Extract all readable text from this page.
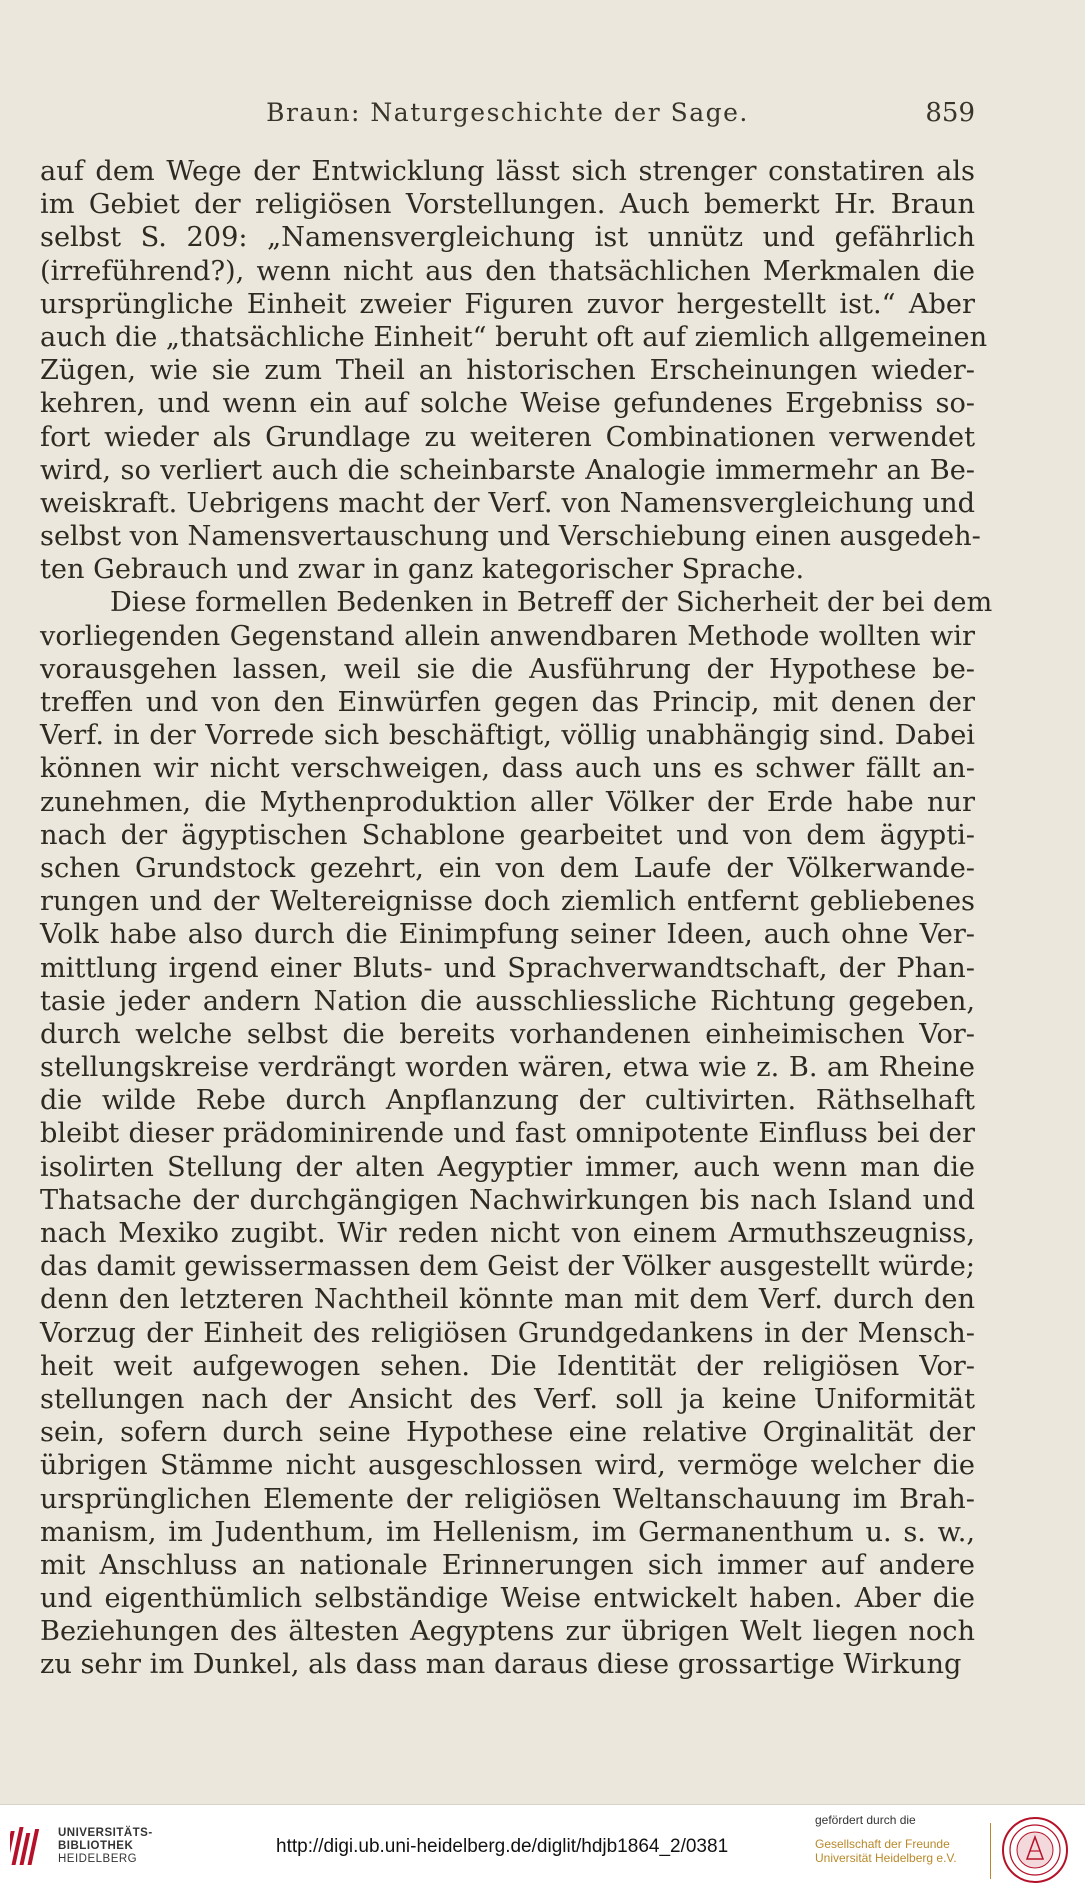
Braun: Naturgeschichte der Sage.	859
auf dem Wege der Entwicklung lässt sich strenger constatiren als
im Gebiet der religiösen Vorstellungen. Auch bemerkt Hr. Braun
selbst S. 209: „Namensvergleichung ist unnütz und gefährlich
(irreführend?), wenn nicht aus den thatsächlichen Merkmalen die
ursprüngliche Einheit zweier Figuren zuvor hergestellt ist.“ Aber
auch die „thatsächliche Einheit“ beruht oft auf ziemlich allgemeinen
Zügen, wie sie zum Theil an historischen Erscheinungen wieder-
kehren, und wenn ein auf solche Weise gefundenes Ergebniss so-
fort wieder als Grundlage zu weiteren Combinationen verwendet
wird, so verliert auch die scheinbarste Analogie immermehr an Be-
weiskraft. Uebrigens macht der Verf. von Namensvergleichung und
selbst von Namensvertauschung und Verschiebung einen ausgedeh-
ten Gebrauch und zwar in ganz kategorischer Sprache.
Diese formellen Bedenken in Betreff der Sicherheit der bei dem
vorliegenden Gegenstand allein anwendbaren Methode wollten wir
vorausgehen lassen, weil sie die Ausführung der Hypothese be-
treffen und von den Einwürfen gegen das Princip, mit denen der
Verf. in der Vorrede sich beschäftigt, völlig unabhängig sind. Dabei
können wir nicht verschweigen, dass auch uns es schwer fällt an-
zunehmen, die Mythenproduktion aller Völker der Erde habe nur
nach der ägyptischen Schablone gearbeitet und von dem ägypti-
schen Grundstock gezehrt, ein von dem Laufe der Völkerwande-
rungen und der Weltereignisse doch ziemlich entfernt gebliebenes
Volk habe also durch die Einimpfung seiner Ideen, auch ohne Ver-
mittlung irgend einer Bluts- und Sprachverwandtschaft, der Phan-
tasie jeder andern Nation die ausschliessliche Richtung gegeben,
durch welche selbst die bereits vorhandenen einheimischen Vor-
stellungskreise verdrängt worden wären, etwa wie z. B. am Rheine
die wilde Rebe durch Anpflanzung der cultivirten. Räthselhaft
bleibt dieser prädominirende und fast omnipotente Einfluss bei der
isolirten Stellung der alten Aegyptier immer, auch wenn man die
Thatsache der durchgängigen Nachwirkungen bis nach Island und
nach Mexiko zugibt. Wir reden nicht von einem Armuthszeugniss,
das damit gewissermassen dem Geist der Völker ausgestellt würde;
denn den letzteren Nachtheil könnte man mit dem Verf. durch den
Vorzug der Einheit des religiösen Grundgedankens in der Mensch-
heit weit aufgewogen sehen. Die Identität der religiösen Vor-
stellungen nach der Ansicht des Verf. soll ja keine Uniformität
sein, sofern durch seine Hypothese eine relative Orginalität der
übrigen Stämme nicht ausgeschlossen wird, vermöge welcher die
ursprünglichen Elemente der religiösen Weltanschauung im Brah-
manism, im Judenthum, im Hellenism, im Germanenthum u. s. w.,
mit Anschluss an nationale Erinnerungen sich immer auf andere
und eigenthümlich selbständige Weise entwickelt haben. Aber die
Beziehungen des ältesten Aegyptens zur übrigen Welt liegen noch
zu sehr im Dunkel, als dass man daraus diese grossartige Wirkung
UNIVERSITÄTS-
BIBLIOTHEK
HEIDELBERG
http://digi.ub.uni-heidelberg.de/diglit/hdjb1864_2/0381
gefördert durch die
Gesellschaft der Freunde
Universität Heidelberg e.V.
